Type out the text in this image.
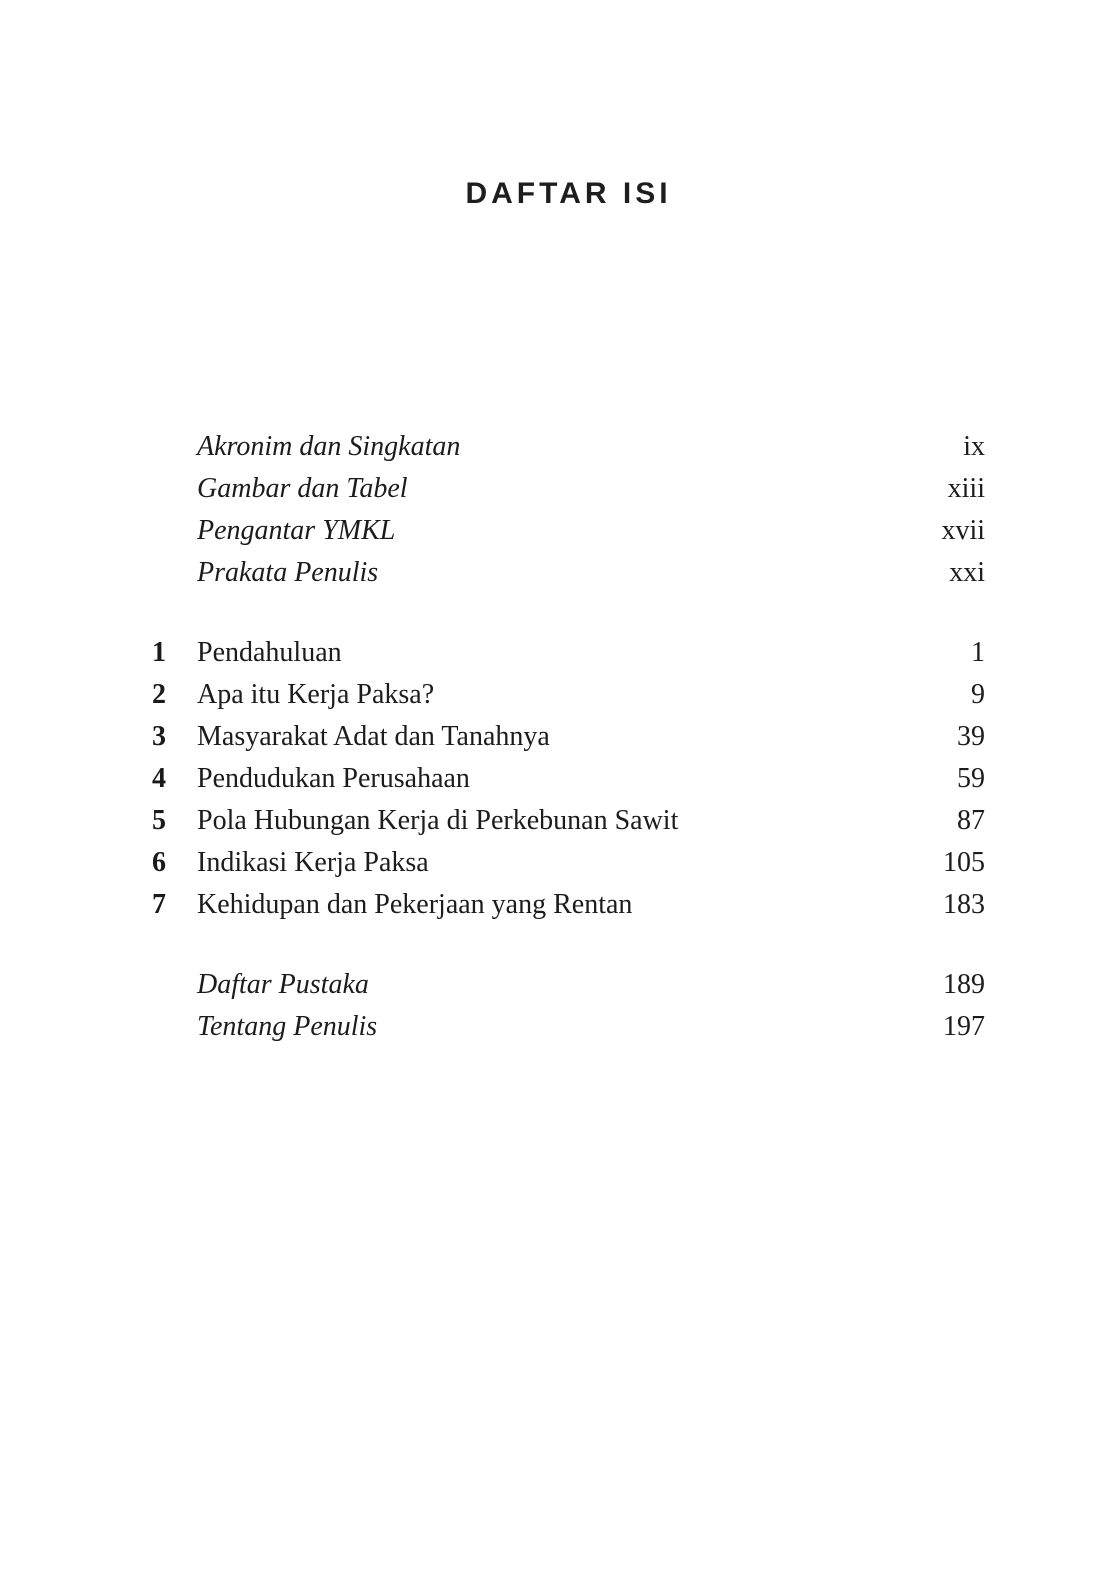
DAFTAR ISI
Akronim dan Singkatan	ix
Gambar dan Tabel	xiii
Pengantar YMKL	xvii
Prakata Penulis	xxi
1	Pendahuluan	1
2	Apa itu Kerja Paksa?	9
3	Masyarakat Adat dan Tanahnya	39
4	Pendudukan Perusahaan	59
5	Pola Hubungan Kerja di Perkebunan Sawit	87
6	Indikasi Kerja Paksa	105
7	Kehidupan dan Pekerjaan yang Rentan	183
Daftar Pustaka	189
Tentang Penulis	197
